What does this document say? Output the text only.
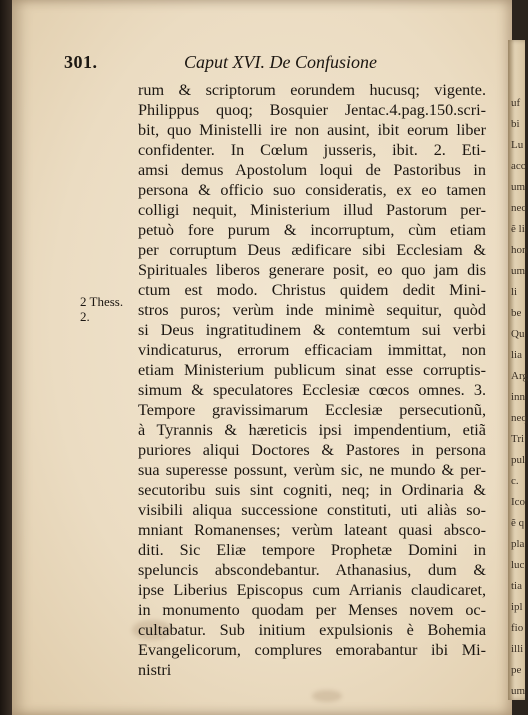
301.	Caput XVI. De Confusione
2 Thess.
2.
rum & scriptorum eorundem hucusq; vigente.
Philippus quoq; Bosquier Jentac.4.pag.150.scri-
bit, quo Ministelli ire non ausint, ibit eorum liber
confidenter. In Cœlum jusseris, ibit. 2. Eti-
amsi demus Apostolum loqui de Pastoribus in
persona & officio suo consideratis, ex eo tamen
colligi nequit, Ministerium illud Pastorum per-
petuò fore purum & incorruptum, cùm etiam
per corruptum Deus ædificare sibi Ecclesiam &
Spirituales liberos generare posit, eo quo jam dis
ctum est modo. Christus quidem dedit Mini-
stros puros; verùm inde minimè sequitur, quòd
si Deus ingratitudinem & contemtum sui verbi
vindicaturus, errorum efficaciam immittat, non
etiam Ministerium publicum sinat esse corruptis-
simum & speculatores Ecclesiæ cœcos omnes. 3.
Tempore gravissimarum Ecclesiæ persecutionũ,
à Tyrannis & hæreticis ipsi impendentium, etiã
puriores aliqui Doctores & Pastores in persona
sua superesse possunt, verùm sic, ne mundo & per-
secutoribu suis sint cogniti, neq; in Ordinaria &
visibili aliqua successione constituti, uti aliàs so-
mniant Romanenses; verùm lateant quasi absco-
diti. Sic Eliæ tempore Prophetæ Domini in
speluncis abscondebantur. Athanasius, dum &
ipse Liberius Episcopus cum Arrianis claudicaret,
in monumento quodam per Menses novem oc-
cultabatur. Sub initium expulsionis è Bohemia
Evangelicorum, complures emorabantur ibi Mi-
nistri
uf
bi
Lu
acc
um
nec
ẽ li
hon
um
li
be
Qu
lia
Arg
inn
neq
Tri
pul
c.
Ico
ẽ q
pla
luc
tia
ipl
fio
illi
pe
um
